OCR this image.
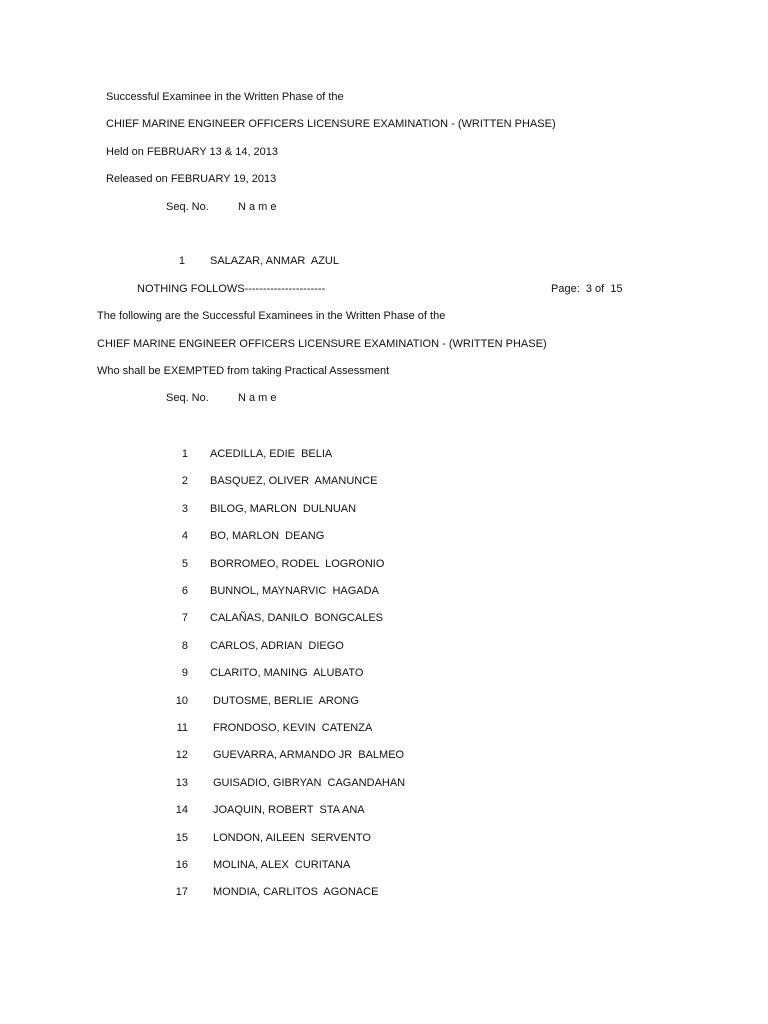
Successful Examinee in the Written Phase of the
CHIEF MARINE ENGINEER OFFICERS LICENSURE EXAMINATION - (WRITTEN PHASE)
Held on FEBRUARY 13 & 14, 2013
Released on FEBRUARY 19, 2013
Seq. No.	N a m e
1 SALAZAR, ANMAR  AZUL
NOTHING FOLLOWS----------------------	Page:  3 of  15
The following are the Successful Examinees in the Written Phase of the
CHIEF MARINE ENGINEER OFFICERS LICENSURE EXAMINATION - (WRITTEN PHASE)
Who shall be EXEMPTED from taking Practical Assessment
Seq. No.	N a m e
1 ACEDILLA, EDIE  BELIA
2 BASQUEZ, OLIVER  AMANUNCE
3 BILOG, MARLON  DULNUAN
4 BO, MARLON  DEANG
5 BORROMEO, RODEL  LOGRONIO
6 BUNNOL, MAYNARVIC  HAGADA
7 CALAÑAS, DANILO  BONGCALES
8 CARLOS, ADRIAN  DIEGO
9 CLARITO, MANING  ALUBATO
10 DUTOSME, BERLIE  ARONG
11 FRONDOSO, KEVIN  CATENZA
12 GUEVARRA, ARMANDO JR  BALMEO
13 GUISADIO, GIBRYAN  CAGANDAHAN
14 JOAQUIN, ROBERT  STA ANA
15 LONDON, AILEEN  SERVENTO
16 MOLINA, ALEX  CURITANA
17 MONDIA, CARLITOS  AGONACE
